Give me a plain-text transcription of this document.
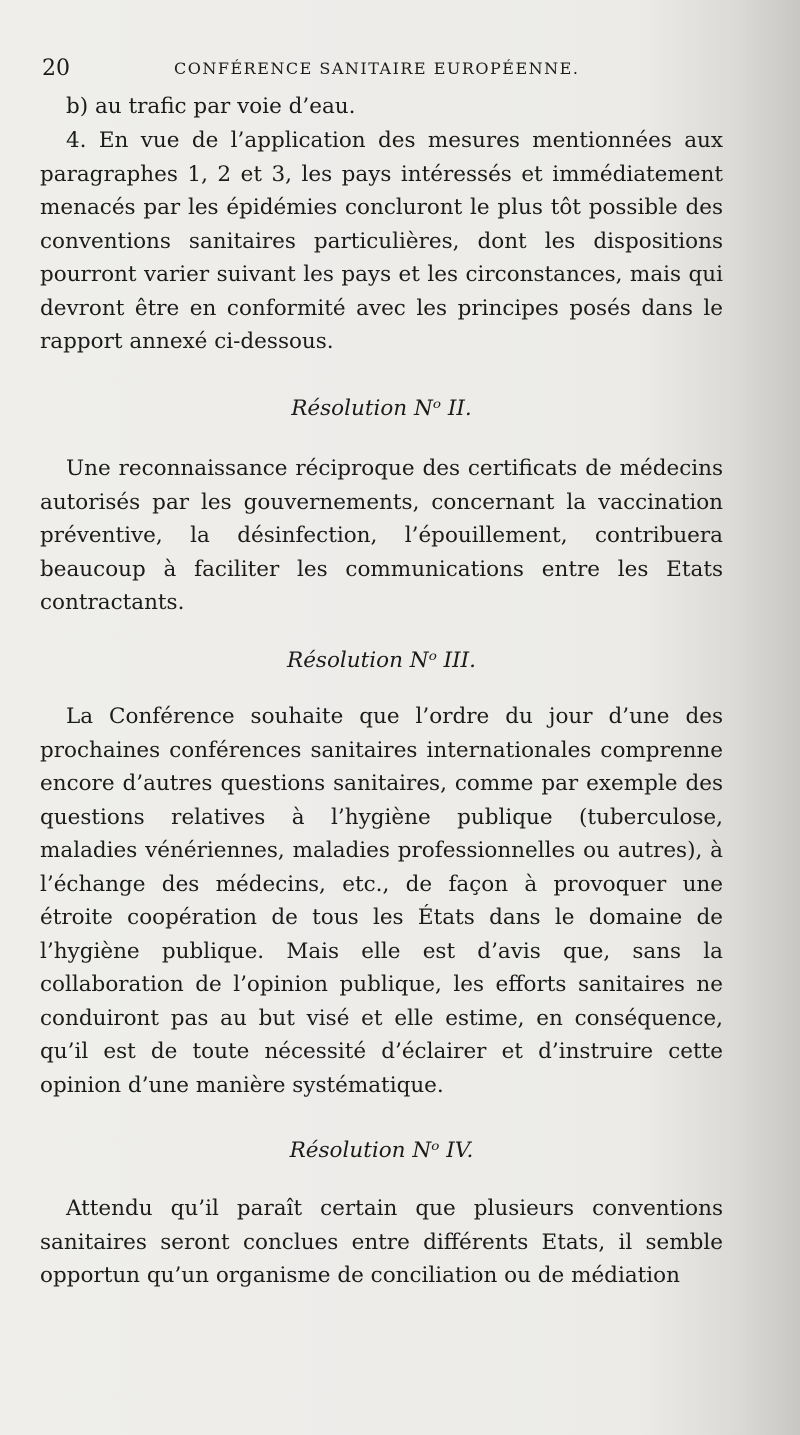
20	CONFÉRENCE SANITAIRE EUROPÉENNE.

b) au trafic par voie d’eau.

4. En vue de l’application des mesures mentionnées aux paragraphes 1, 2 et 3, les pays intéressés et immédiatement menacés par les épidémies concluront le plus tôt possible des conventions sanitaires particulières, dont les dispositions pourront varier suivant les pays et les circonstances, mais qui devront être en conformité avec les principes posés dans le rapport annexé ci-dessous.

Résolution Nᵒ II.

Une reconnaissance réciproque des certificats de médecins autorisés par les gouvernements, concernant la vaccination préventive, la désinfection, l’épouillement, contribuera beaucoup à faciliter les communications entre les Etats contractants.

Résolution Nᵒ III.

La Conférence souhaite que l’ordre du jour d’une des prochaines conférences sanitaires internationales comprenne encore d’autres questions sanitaires, comme par exemple des questions relatives à l’hygiène publique (tuberculose, maladies vénériennes, maladies professionnelles ou autres), à l’échange des médecins, etc., de façon à provoquer une étroite coopération de tous les États dans le domaine de l’hygiène publique. Mais elle est d’avis que, sans la collaboration de l’opinion publique, les efforts sanitaires ne conduiront pas au but visé et elle estime, en conséquence, qu’il est de toute nécessité d’éclairer et d’instruire cette opinion d’une manière systématique.

Résolution Nᵒ IV.

Attendu qu’il paraît certain que plusieurs conventions sanitaires seront conclues entre différents Etats, il semble opportun qu’un organisme de conciliation ou de médiation
